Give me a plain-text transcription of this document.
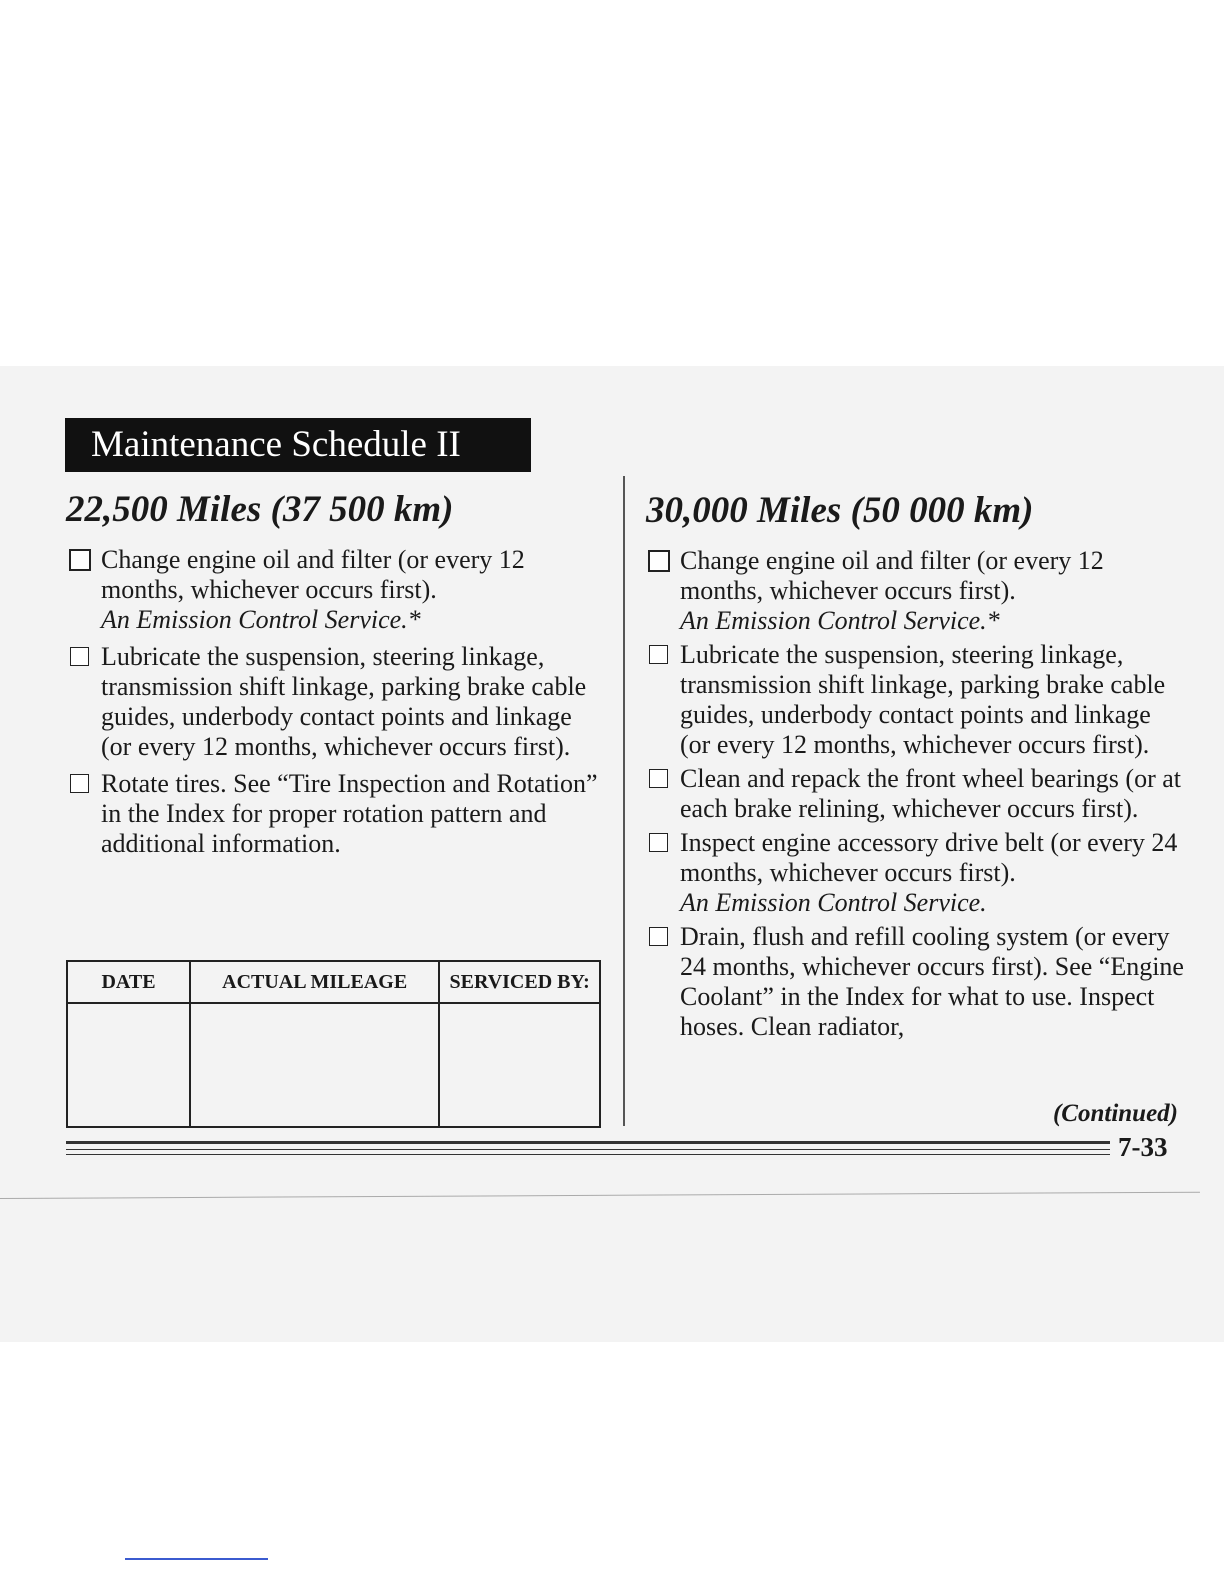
Maintenance Schedule II
22,500 Miles (37 500 km)
Change engine oil and filter (or every 12 months, whichever occurs first).
An Emission Control Service.*
Lubricate the suspension, steering linkage, transmission shift linkage, parking brake cable guides, underbody contact points and linkage (or every 12 months, whichever occurs first).
Rotate tires. See “Tire Inspection and Rotation” in the Index for proper rotation pattern and additional information.
DATE	ACTUAL MILEAGE	SERVICED BY:

30,000 Miles (50 000 km)
Change engine oil and filter (or every 12 months, whichever occurs first).
An Emission Control Service.*
Lubricate the suspension, steering linkage, transmission shift linkage, parking brake cable guides, underbody contact points and linkage (or every 12 months, whichever occurs first).
Clean and repack the front wheel bearings (or at each brake relining, whichever occurs first).
Inspect engine accessory drive belt (or every 24 months, whichever occurs first).
An Emission Control Service.
Drain, flush and refill cooling system (or every 24 months, whichever occurs first). See “Engine Coolant” in the Index for what to use. Inspect hoses. Clean radiator,
(Continued)
7-33
